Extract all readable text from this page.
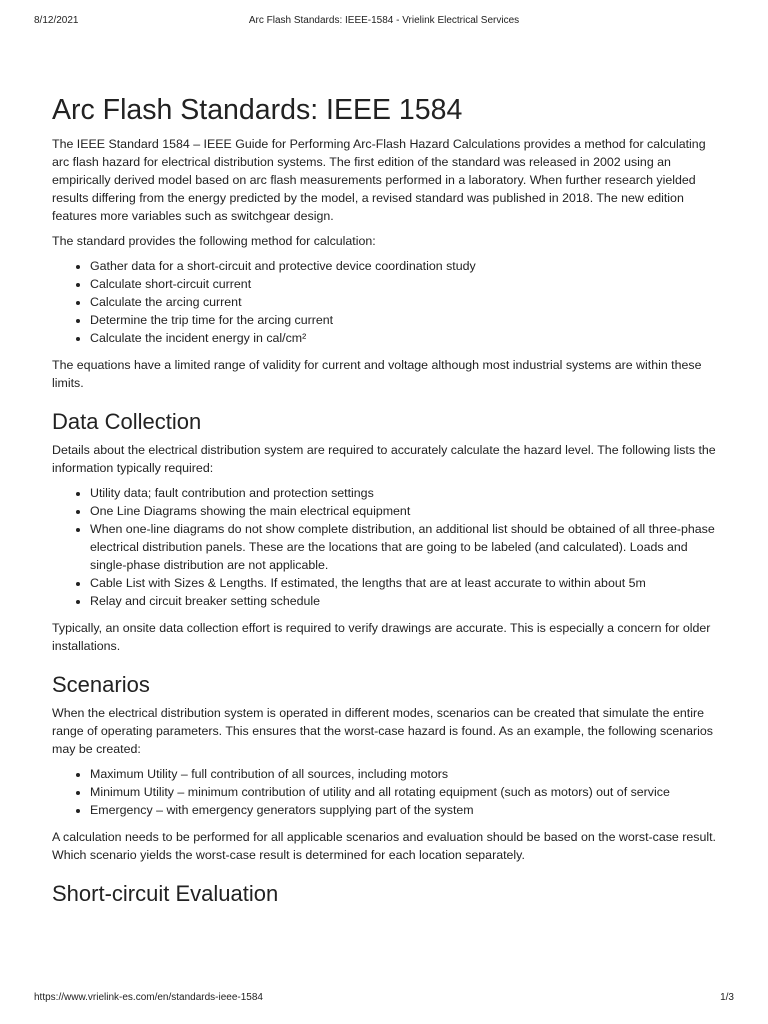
8/12/2021	Arc Flash Standards: IEEE-1584 - Vrielink Electrical Services
Arc Flash Standards: IEEE 1584

The IEEE Standard 1584 – IEEE Guide for Performing Arc-Flash Hazard Calculations provides a method for calculating arc flash hazard for electrical distribution systems. The first edition of the standard was released in 2002 using an empirically derived model based on arc flash measurements performed in a laboratory. When further research yielded results differing from the energy predicted by the model, a revised standard was published in 2018. The new edition features more variables such as switchgear design.

The standard provides the following method for calculation:

• Gather data for a short-circuit and protective device coordination study
• Calculate short-circuit current
• Calculate the arcing current
• Determine the trip time for the arcing current
• Calculate the incident energy in cal/cm²

The equations have a limited range of validity for current and voltage although most industrial systems are within these limits.

Data Collection

Details about the electrical distribution system are required to accurately calculate the hazard level. The following lists the information typically required:

• Utility data; fault contribution and protection settings
• One Line Diagrams showing the main electrical equipment
• When one-line diagrams do not show complete distribution, an additional list should be obtained of all three-phase electrical distribution panels. These are the locations that are going to be labeled (and calculated). Loads and single-phase distribution are not applicable.
• Cable List with Sizes & Lengths. If estimated, the lengths that are at least accurate to within about 5m
• Relay and circuit breaker setting schedule

Typically, an onsite data collection effort is required to verify drawings are accurate. This is especially a concern for older installations.

Scenarios

When the electrical distribution system is operated in different modes, scenarios can be created that simulate the entire range of operating parameters. This ensures that the worst-case hazard is found. As an example, the following scenarios may be created:

• Maximum Utility – full contribution of all sources, including motors
• Minimum Utility – minimum contribution of utility and all rotating equipment (such as motors) out of service
• Emergency – with emergency generators supplying part of the system

A calculation needs to be performed for all applicable scenarios and evaluation should be based on the worst-case result. Which scenario yields the worst-case result is determined for each location separately.

Short-circuit Evaluation
https://www.vrielink-es.com/en/standards-ieee-1584	1/3
